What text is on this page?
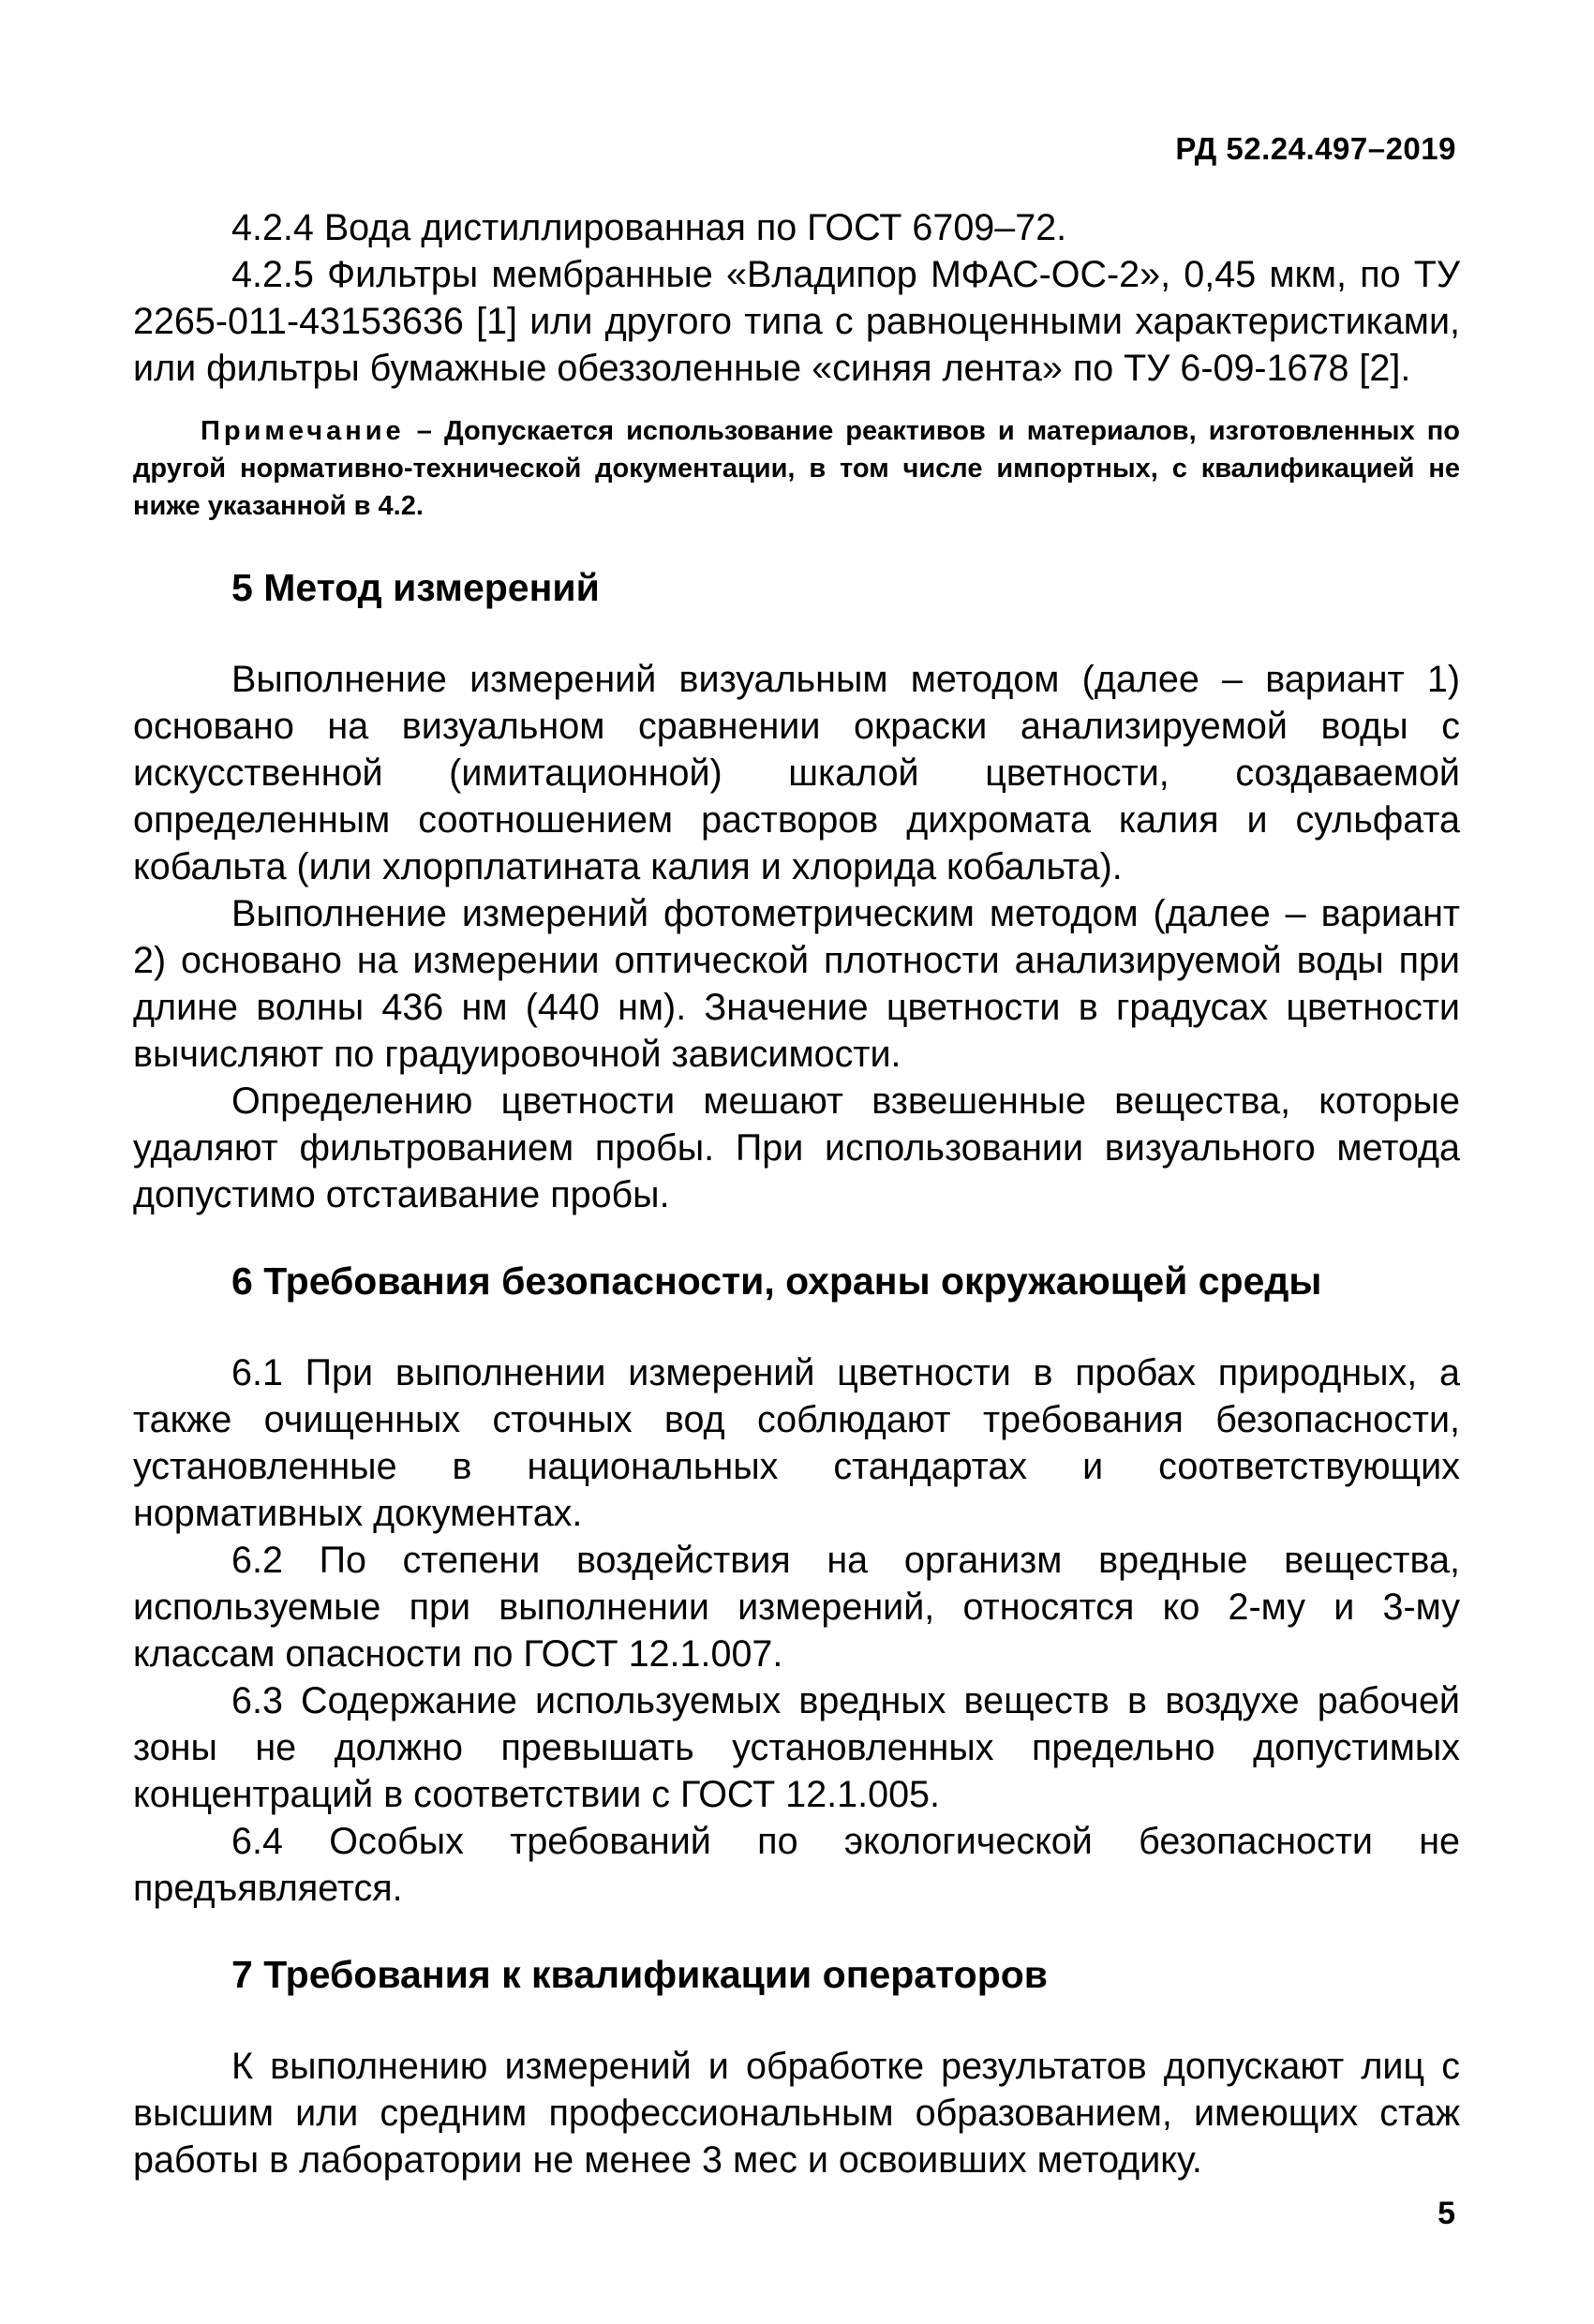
РД 52.24.497–2019

4.2.4 Вода дистиллированная по ГОСТ 6709–72.

4.2.5 Фильтры мембранные «Владипор МФАС-ОС-2», 0,45 мкм, по ТУ 2265-011-43153636 [1] или другого типа с равноценными характеристиками, или фильтры бумажные обеззоленные «синяя лента» по ТУ 6-09-1678 [2].

Примечание – Допускается использование реактивов и материалов, изготовленных по другой нормативно-технической документации, в том числе импортных, с квалификацией не ниже указанной в 4.2.

5 Метод измерений

Выполнение измерений визуальным методом (далее – вариант 1) основано на визуальном сравнении окраски анализируемой воды с искусственной (имитационной) шкалой цветности, создаваемой определенным соотношением растворов дихромата калия и сульфата кобальта (или хлорплатината калия и хлорида кобальта).

Выполнение измерений фотометрическим методом (далее – вариант 2) основано на измерении оптической плотности анализируемой воды при длине волны 436 нм (440 нм). Значение цветности в градусах цветности вычисляют по градуировочной зависимости.

Определению цветности мешают взвешенные вещества, которые удаляют фильтрованием пробы. При использовании визуального метода допустимо отстаивание пробы.

6 Требования безопасности, охраны окружающей среды

6.1 При выполнении измерений цветности в пробах природных, а также очищенных сточных вод соблюдают требования безопасности, установленные в национальных стандартах и соответствующих нормативных документах.

6.2 По степени воздействия на организм вредные вещества, используемые при выполнении измерений, относятся ко 2-му и 3-му классам опасности по ГОСТ 12.1.007.

6.3 Содержание используемых вредных веществ в воздухе рабочей зоны не должно превышать установленных предельно допустимых концентраций в соответствии с ГОСТ 12.1.005.

6.4 Особых требований по экологической безопасности не предъявляется.

7 Требования к квалификации операторов

К выполнению измерений и обработке результатов допускают лиц с высшим или средним профессиональным образованием, имеющих стаж работы в лаборатории не менее 3 мес и освоивших методику.

5
